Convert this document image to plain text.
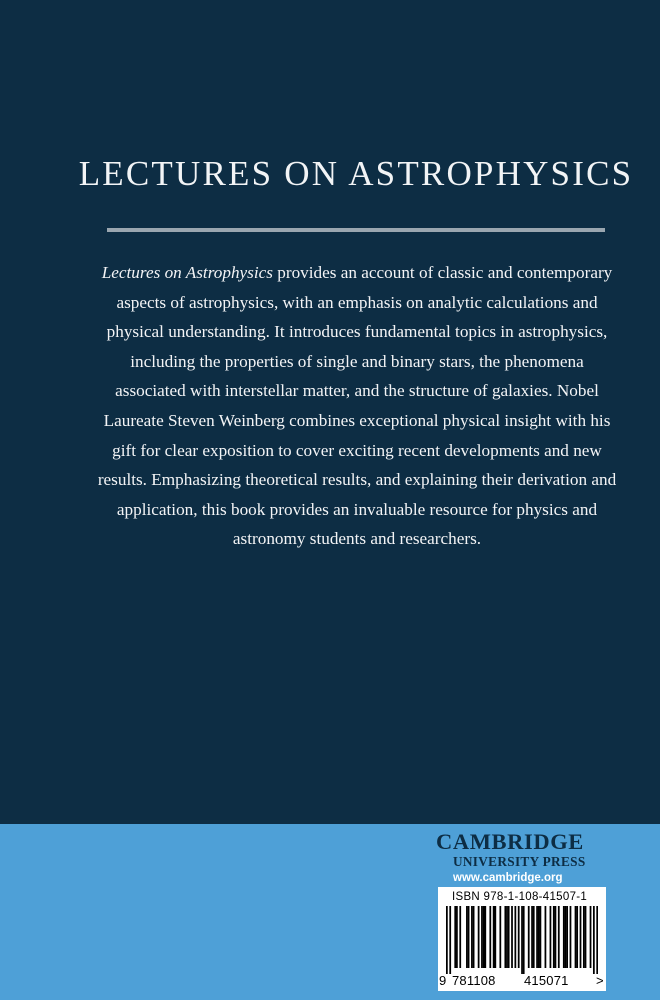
LECTURES ON ASTROPHYSICS
Lectures on Astrophysics provides an account of classic and contemporary aspects of astrophysics, with an emphasis on analytic calculations and physical understanding. It introduces fundamental topics in astrophysics, including the properties of single and binary stars, the phenomena associated with interstellar matter, and the structure of galaxies. Nobel Laureate Steven Weinberg combines exceptional physical insight with his gift for clear exposition to cover exciting recent developments and new results. Emphasizing theoretical results, and explaining their derivation and application, this book provides an invaluable resource for physics and astronomy students and researchers.
CAMBRIDGE
UNIVERSITY PRESS
www.cambridge.org
ISBN 978-1-108-41507-1
9 781108 415071 >
